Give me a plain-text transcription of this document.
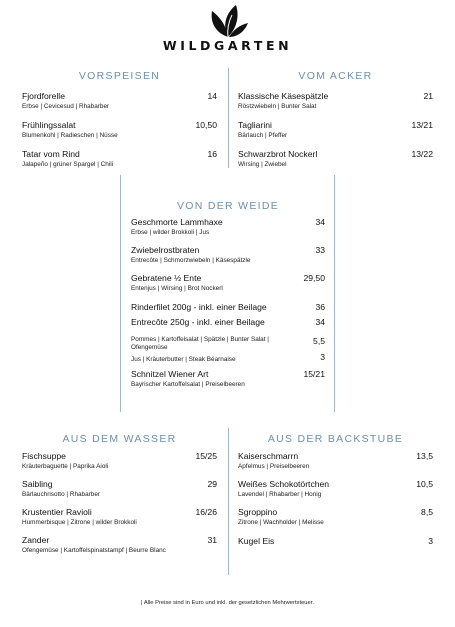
WILDGARTEN
VORSPEISEN
Fjordforelle	14
Erbse | Cevicesud | Rhabarber
Frühlingssalat	10,50
Blumenkohl | Radieschen | Nüsse
Tatar vom Rind	16
Jalapeño | grüner Spargel | Chili
VOM ACKER
Klassische Käsespätzle	21
Röstzwiebeln | Bunter Salat
Tagliarini	13/21
Bärlauch | Pfeffer
Schwarzbrot Nockerl	13/22
Wirsing | Zwiebel
VON DER WEIDE
Geschmorte Lammhaxe	34
Erbse | wilder Brokkoli | Jus
Zwiebelrostbraten	33
Entrecôte | Schmorzwiebeln | Käsespätzle
Gebratene ½ Ente	29,50
Entenjus | Wirsing | Brot Nockerl
Rinderfilet 200g - inkl. einer Beilage	36
Entrecôte 250g - inkl. einer Beilage	34
Pommes | Kartoffelsalat | Spätzle | Bunter Salat | Ofengemüse
5,5
Jus | Kräuterbutter | Steak Béarnaise	3
Schnitzel Wiener Art	15/21
Bayrischer Kartoffelsalat | Preiselbeeren
AUS DEM WASSER
Fischsuppe	15/25
Kräuterbaguette | Paprika Aioli
Saibling	29
Bärlauchrisotto | Rhabarber
Krustentier Ravioli	16/26
Hummerbisque | Zitrone | wilder Brokkoli
Zander	31
Ofengemüse | Kartoffelspinatstampf | Beurre Blanc
AUS DER BACKSTUBE
Kaiserschmarrn	13,5
Apfelmus | Preiselbeeren
Weißes Schokotörtchen	10,5
Lavendel | Rhabarber | Honig
Sgroppino	8,5
Zitrone | Wachholder | Melisse
Kugel Eis	3
| Alle Preise sind in Euro und inkl. der gesetzlichen Mehrwertsteuer.
